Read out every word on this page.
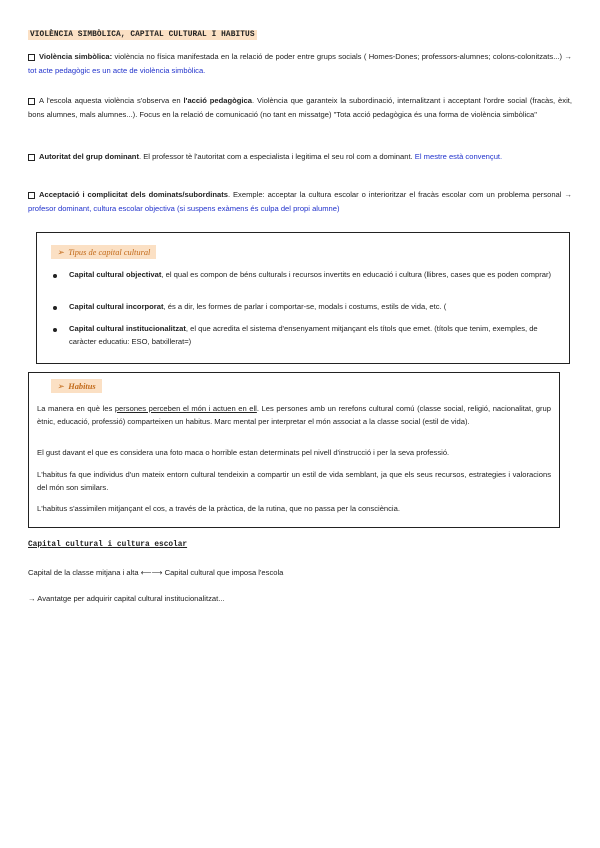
VIOLÈNCIA SIMBÒLICA, CAPITAL CULTURAL I HABITUS
Violència simbòlica: violència no física manifestada en la relació de poder entre grups socials ( Homes-Dones; professors-alumnes; colons-colonitzats...) → tot acte pedagògic es un acte de violència simbòlica.
A l'escola aquesta violència s'observa en l'acció pedagògica. Violència que garanteix la subordinació, internalitzant i acceptant l'ordre social (fracàs, èxit, bons alumnes, mals alumnes...). Focus en la relació de comunicació (no tant en missatge) "Tota acció pedagògica és una forma de violència simbòlica"
Autoritat del grup dominant. El professor tè l'autoritat com a especialista i legitima el seu rol com a dominant. El mestre està convençut.
Acceptació i complicitat dels dominats/subordinats. Exemple: acceptar la cultura escolar o interioritzar el fracàs escolar com un problema personal → profesor dominant, cultura escolar objectiva (si suspens exàmens és culpa del propi alumne)
➢ Tipus de capital cultural
Capital cultural objectivat, el qual es compon de béns culturals i recursos invertits en educació i cultura (llibres, cases que es poden comprar)
Capital cultural incorporat, és a dir, les formes de parlar i comportar-se, modals i costums, estils de vida, etc. (
Capital cultural institucionalitzat, el que acredita el sistema d'ensenyament mitjançant els títols que emet. (títols que tenim, exemples, de caràcter educatiu: ESO, batxillerat=)
➢ Habitus
La manera en què les persones perceben el món i actuen en ell. Les persones amb un rerefons cultural comú (classe social, religió, nacionalitat, grup ètnic, educació, professió) comparteixen un habitus. Marc mental per interpretar el món associat a la classe social (estil de vida).
El gust davant el que es considera una foto maca o horrible estan determinats pel nivell d'instrucció i per la seva professió.
L'habitus fa que individus d'un mateix entorn cultural tendeixin a compartir un estil de vida semblant, ja que els seus recursos, estrategies i valoracions del món son similars.
L'habitus s'assimilen mitjançant el cos, a través de la pràctica, de la rutina, que no passa per la consciència.
Capital cultural i cultura escolar
Capital de la classe mitjana i alta ⟵⟶ Capital cultural que imposa l'escola
→ Avantatge per adquirir capital cultural institucionalitzat...
